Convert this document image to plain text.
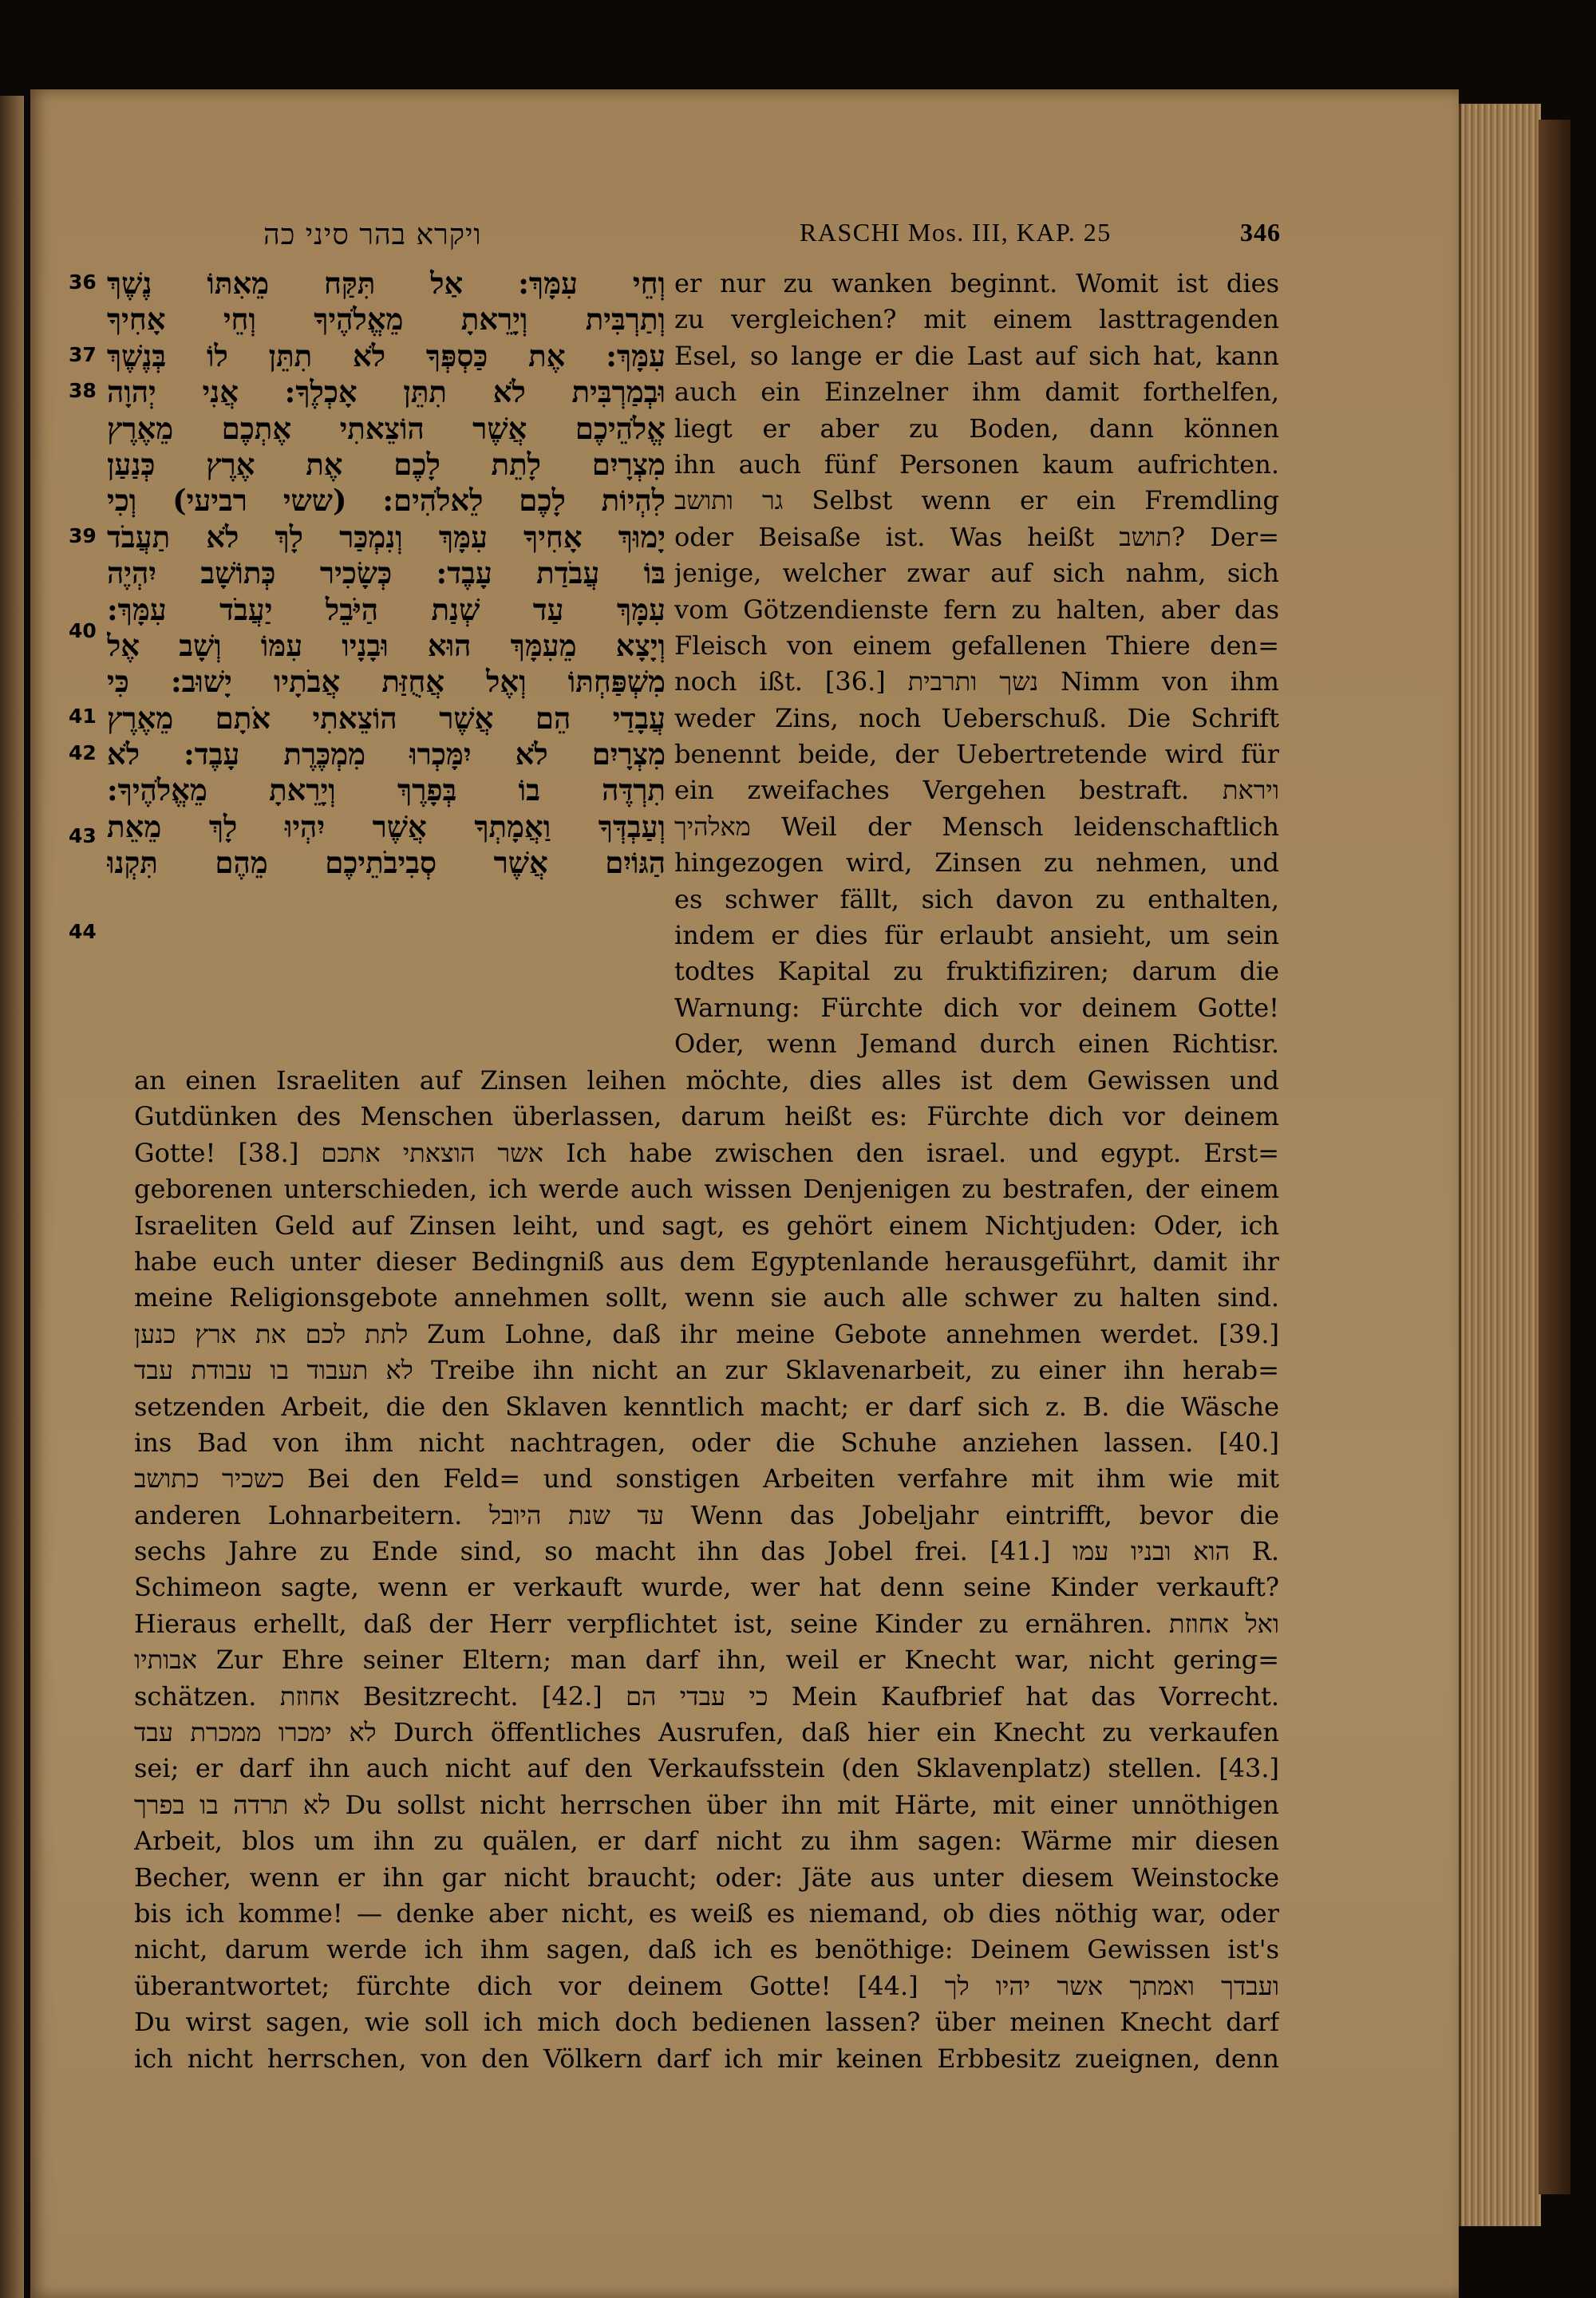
ויקרא בהר סיני כה	RASCHI Mos. III, KAP. 25	346
36
37
38
39
40
41
42
43
44
וְחֵי עִמָּךְ: אַל תִּקַּח מֵאִתּוֹ נֶשֶׁךְ
וְתַרְבִּית וְיָרֵאתָ מֵאֱלֹהֶיךָ וְחֵי אָחִיךָ
עִמָּךְ: אֶת כַּסְפְּךָ לֹא תִתֵּן לוֹ בְּנֶשֶׁךְ
וּבְמַרְבִּית לֹא תִתֵּן אָכְלֶךָ: אֲנִי יְהוָה
אֱלֹהֵיכֶם אֲשֶׁר הוֹצֵאתִי אֶתְכֶם מֵאֶרֶץ
מִצְרָיִם לָתֵת לָכֶם אֶת אֶרֶץ כְּנַעַן
לִהְיוֹת לָכֶם לֵאלֹהִים: (ששי רביעי) וְכִי
יָמוּךְ אָחִיךָ עִמָּךְ וְנִמְכַּר לָךְ לֹא תַעֲבֹד
בּוֹ עֲבֹדַת עָבֶד: כְּשָׂכִיר כְּתוֹשָׁב יִהְיֶה
עִמָּךְ עַד שְׁנַת הַיֹּבֵל יַעֲבֹד עִמָּךְ:
וְיָצָא מֵעִמָּךְ הוּא וּבָנָיו עִמּוֹ וְשָׁב אֶל
מִשְׁפַּחְתּוֹ וְאֶל אֲחֻזַּת אֲבֹתָיו יָשׁוּב: כִּי
עֲבָדַי הֵם אֲשֶׁר הוֹצֵאתִי אֹתָם מֵאֶרֶץ
מִצְרָיִם לֹא יִמָּכְרוּ מִמְכֶּרֶת עָבֶד: לֹא
תִרְדֶּה בוֹ בְּפָרֶךְ וְיָרֵאתָ מֵאֱלֹהֶיךָ:
וְעַבְדְּךָ וַאֲמָתְךָ אֲשֶׁר יִהְיוּ לָךְ מֵאֵת
הַגּוֹיִם אֲשֶׁר סְבִיבֹתֵיכֶם מֵהֶם תִּקְנוּ
er nur zu wanken beginnt. Womit ist dies
zu vergleichen? mit einem lasttragenden
Esel, so lange er die Last auf sich hat, kann
auch ein Einzelner ihm damit forthelfen,
liegt er aber zu Boden, dann können
ihn auch fünf Personen kaum aufrichten.
גר ותושב Selbst wenn er ein Fremdling
oder Beisaße ist. Was heißt תושב? Der=
jenige, welcher zwar auf sich nahm, sich
vom Götzendienste fern zu halten, aber das
Fleisch von einem gefallenen Thiere den=
noch ißt. [36.] נשך ותרבית Nimm von ihm
weder Zins, noch Ueberschuß. Die Schrift
benennt beide, der Uebertretende wird für
ein zweifaches Vergehen bestraft. ויראת
מאלהיך Weil der Mensch leidenschaftlich
hingezogen wird, Zinsen zu nehmen, und
es schwer fällt, sich davon zu enthalten,
indem er dies für erlaubt ansieht, um sein
todtes Kapital zu fruktifiziren; darum die
Warnung: Fürchte dich vor deinem Gotte!
Oder, wenn Jemand durch einen Richtisr.
an einen Israeliten auf Zinsen leihen möchte, dies alles ist dem Gewissen und
Gutdünken des Menschen überlassen, darum heißt es: Fürchte dich vor deinem
Gotte! [38.] אשר הוצאתי אתכם Ich habe zwischen den israel. und egypt. Erst=
geborenen unterschieden, ich werde auch wissen Denjenigen zu bestrafen, der einem
Israeliten Geld auf Zinsen leiht, und sagt, es gehört einem Nichtjuden: Oder, ich
habe euch unter dieser Bedingniß aus dem Egyptenlande herausgeführt, damit ihr
meine Religionsgebote annehmen sollt, wenn sie auch alle schwer zu halten sind.
לתת לכם את ארץ כנען Zum Lohne, daß ihr meine Gebote annehmen werdet. [39.]
לא תעבוד בו עבודת עבד Treibe ihn nicht an zur Sklavenarbeit, zu einer ihn herab=
setzenden Arbeit, die den Sklaven kenntlich macht; er darf sich z. B. die Wäsche
ins Bad von ihm nicht nachtragen, oder die Schuhe anziehen lassen. [40.]
כשכיר כתושב Bei den Feld= und sonstigen Arbeiten verfahre mit ihm wie mit
anderen Lohnarbeitern. עד שנת היובל Wenn das Jobeljahr eintrifft, bevor die
sechs Jahre zu Ende sind, so macht ihn das Jobel frei. [41.] הוא ובניו עמו R.
Schimeon sagte, wenn er verkauft wurde, wer hat denn seine Kinder verkauft?
Hieraus erhellt, daß der Herr verpflichtet ist, seine Kinder zu ernähren. ואל אחוזת
אבותיו Zur Ehre seiner Eltern; man darf ihn, weil er Knecht war, nicht gering=
schätzen. אחוזת Besitzrecht. [42.] כי עבדי הם Mein Kaufbrief hat das Vorrecht.
לא ימכרו ממכרת עבד Durch öffentliches Ausrufen, daß hier ein Knecht zu verkaufen
sei; er darf ihn auch nicht auf den Verkaufsstein (den Sklavenplatz) stellen. [43.]
לא תרדה בו בפרך Du sollst nicht herrschen über ihn mit Härte, mit einer unnöthigen
Arbeit, blos um ihn zu quälen, er darf nicht zu ihm sagen: Wärme mir diesen
Becher, wenn er ihn gar nicht braucht; oder: Jäte aus unter diesem Weinstocke
bis ich komme! — denke aber nicht, es weiß es niemand, ob dies nöthig war, oder
nicht, darum werde ich ihm sagen, daß ich es benöthige: Deinem Gewissen ist's
überantwortet; fürchte dich vor deinem Gotte! [44.] ועבדך ואמתך אשר יהיו לך
Du wirst sagen, wie soll ich mich doch bedienen lassen? über meinen Knecht darf
ich nicht herrschen, von den Völkern darf ich mir keinen Erbbesitz zueignen, denn
